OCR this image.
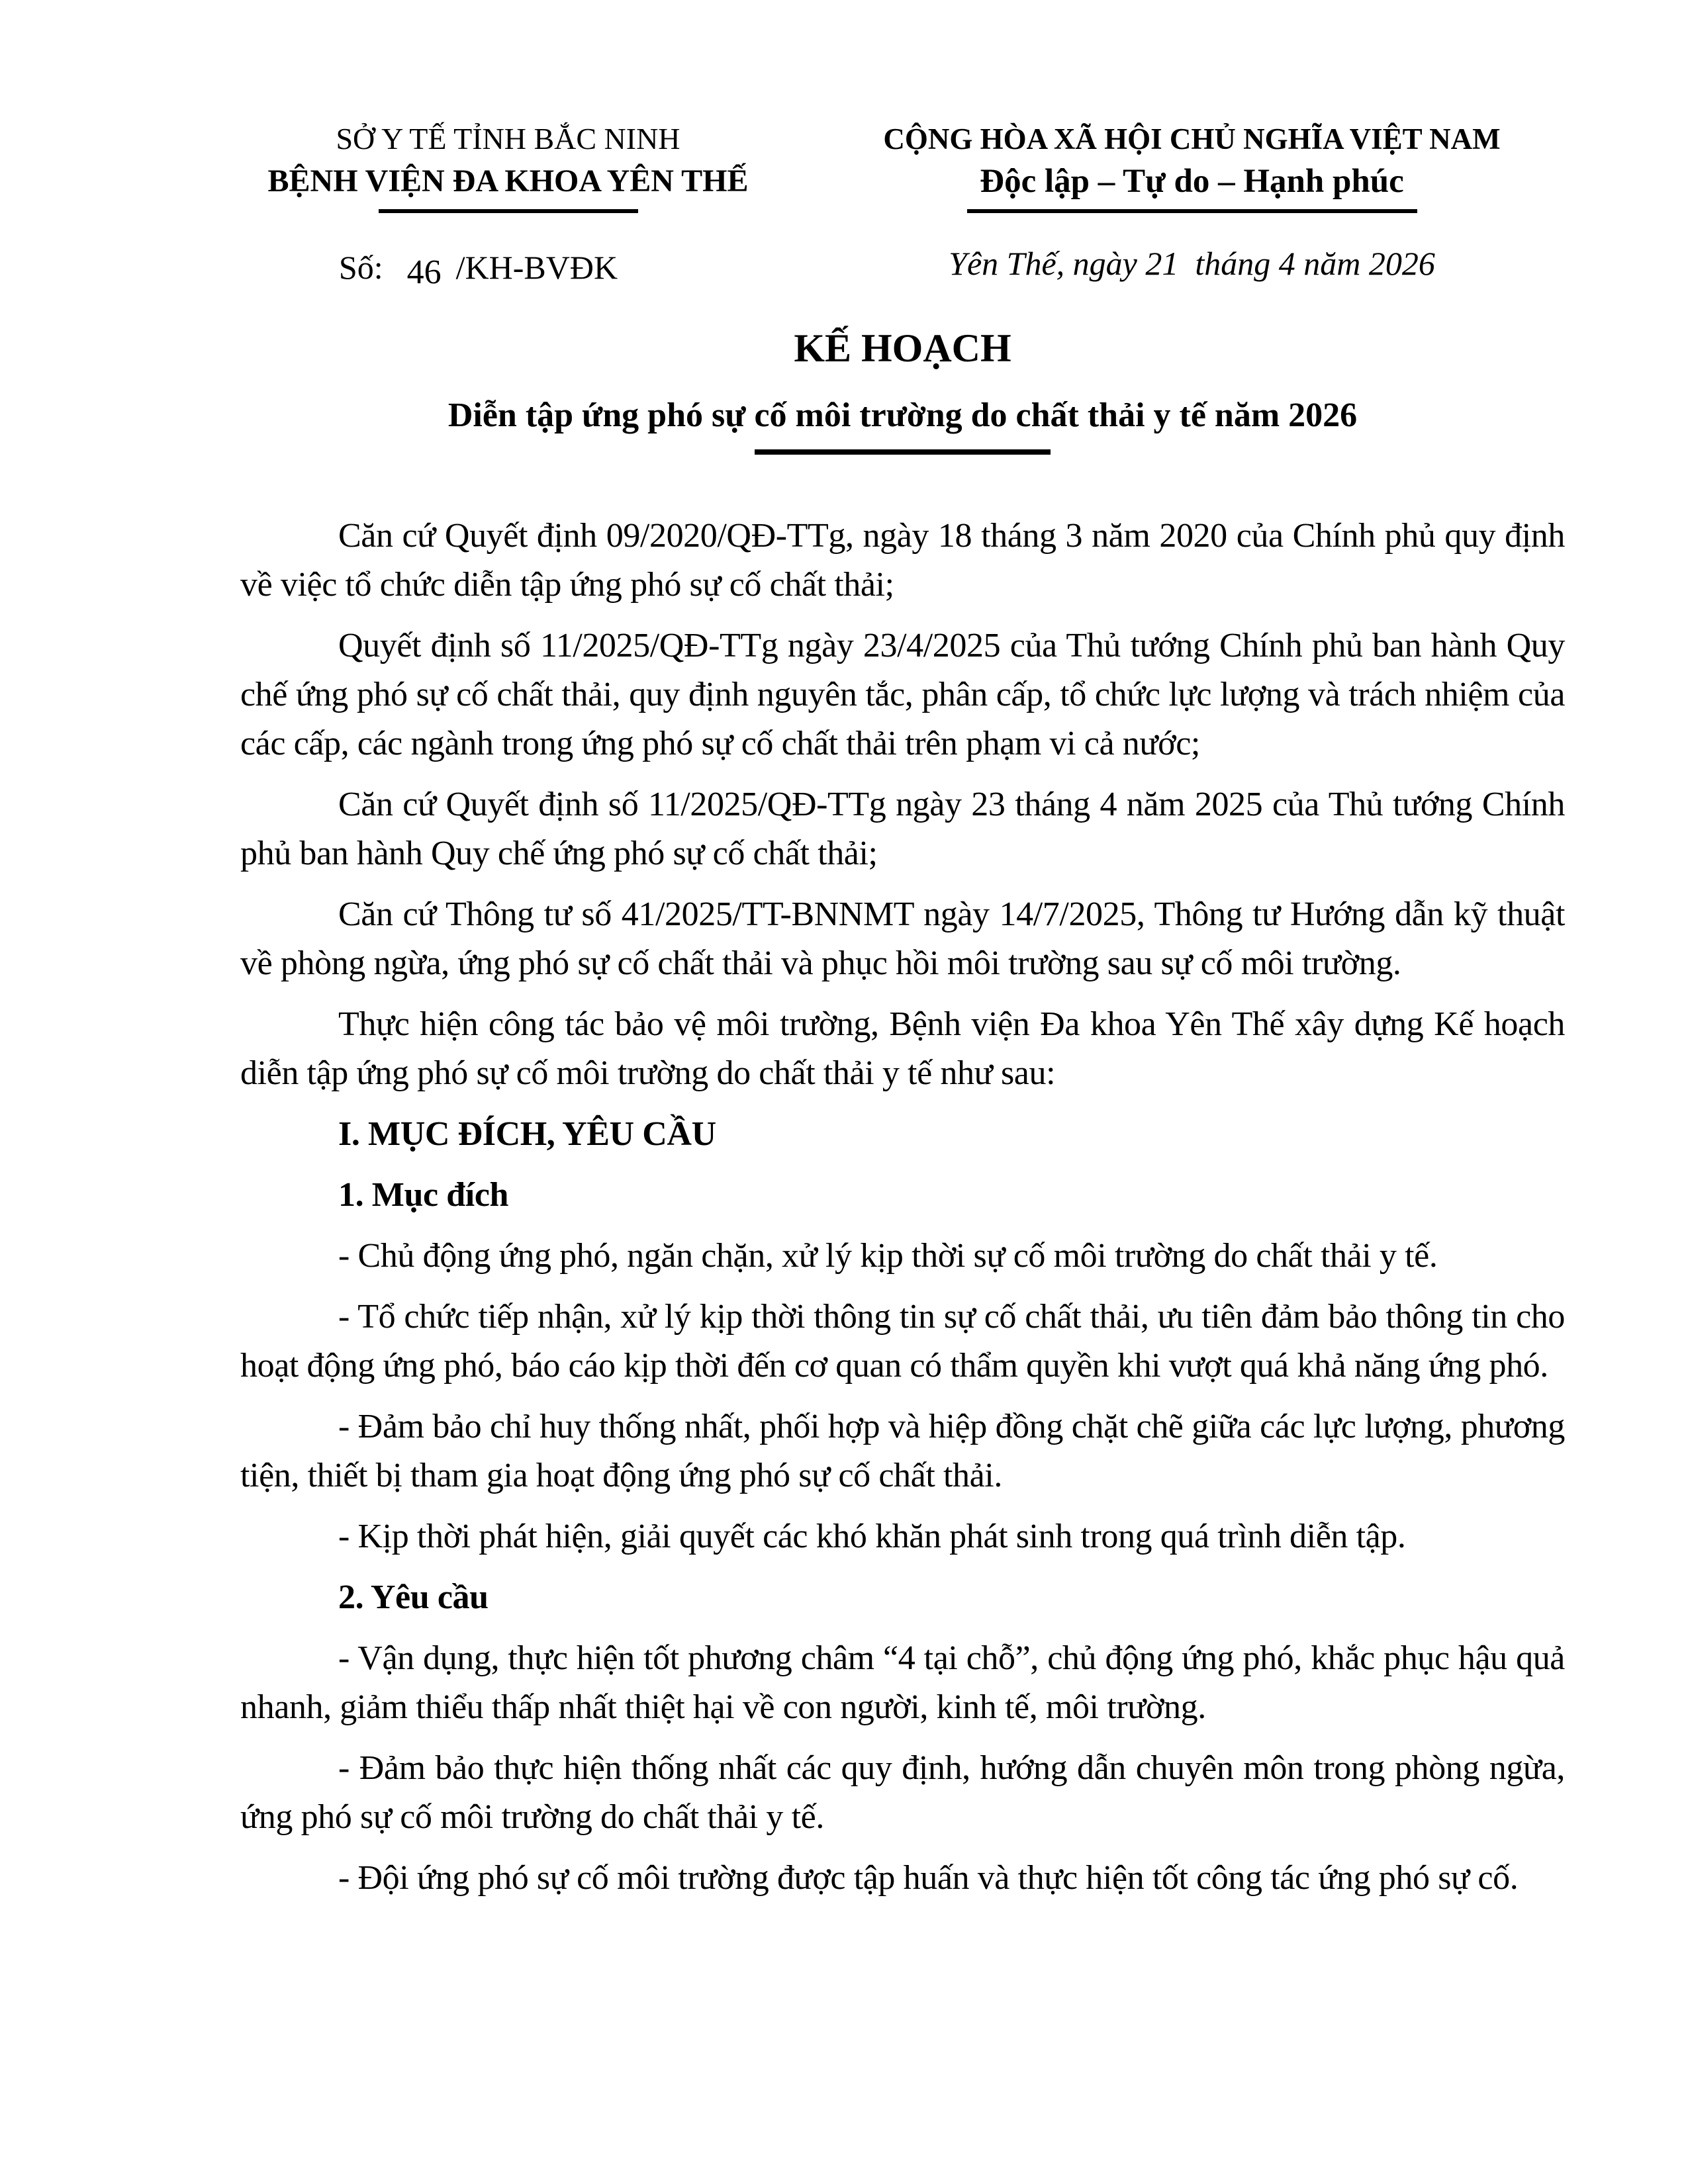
SỞ Y TẾ TỈNH BẮC NINH
BỆNH VIỆN ĐA KHOA YÊN THẾ
Số: 46 /KH-BVĐK
CỘNG HÒA XÃ HỘI CHỦ NGHĨA VIỆT NAM
Độc lập – Tự do – Hạnh phúc
Yên Thế, ngày 21  tháng 4 năm 2026
KẾ HOẠCH
Diễn tập ứng phó sự cố môi trường do chất thải y tế năm 2026

Căn cứ Quyết định 09/2020/QĐ-TTg, ngày 18 tháng 3 năm 2020 của Chính phủ quy định về việc tổ chức diễn tập ứng phó sự cố chất thải;

Quyết định số 11/2025/QĐ-TTg ngày 23/4/2025 của Thủ tướng Chính phủ ban hành Quy chế ứng phó sự cố chất thải, quy định nguyên tắc, phân cấp, tổ chức lực lượng và trách nhiệm của các cấp, các ngành trong ứng phó sự cố chất thải trên phạm vi cả nước;

Căn cứ Quyết định số 11/2025/QĐ-TTg ngày 23 tháng 4 năm 2025 của Thủ tướng Chính phủ ban hành Quy chế ứng phó sự cố chất thải;

Căn cứ Thông tư số 41/2025/TT-BNNMT ngày 14/7/2025, Thông tư Hướng dẫn kỹ thuật về phòng ngừa, ứng phó sự cố chất thải và phục hồi môi trường sau sự cố môi trường.

Thực hiện công tác bảo vệ môi trường, Bệnh viện Đa khoa Yên Thế xây dựng Kế hoạch diễn tập ứng phó sự cố môi trường do chất thải y tế như sau:

I. MỤC ĐÍCH, YÊU CẦU

1. Mục đích

- Chủ động ứng phó, ngăn chặn, xử lý kịp thời sự cố môi trường do chất thải y tế.

- Tổ chức tiếp nhận, xử lý kịp thời thông tin sự cố chất thải, ưu tiên đảm bảo thông tin cho hoạt động ứng phó, báo cáo kịp thời đến cơ quan có thẩm quyền khi vượt quá khả năng ứng phó.

- Đảm bảo chỉ huy thống nhất, phối hợp và hiệp đồng chặt chẽ giữa các lực lượng, phương tiện, thiết bị tham gia hoạt động ứng phó sự cố chất thải.

- Kịp thời phát hiện, giải quyết các khó khăn phát sinh trong quá trình diễn tập.

2. Yêu cầu

- Vận dụng, thực hiện tốt phương châm “4 tại chỗ”, chủ động ứng phó, khắc phục hậu quả nhanh, giảm thiểu thấp nhất thiệt hại về con người, kinh tế, môi trường.

- Đảm bảo thực hiện thống nhất các quy định, hướng dẫn chuyên môn trong phòng ngừa, ứng phó sự cố môi trường do chất thải y tế.

- Đội ứng phó sự cố môi trường được tập huấn và thực hiện tốt công tác ứng phó sự cố.
